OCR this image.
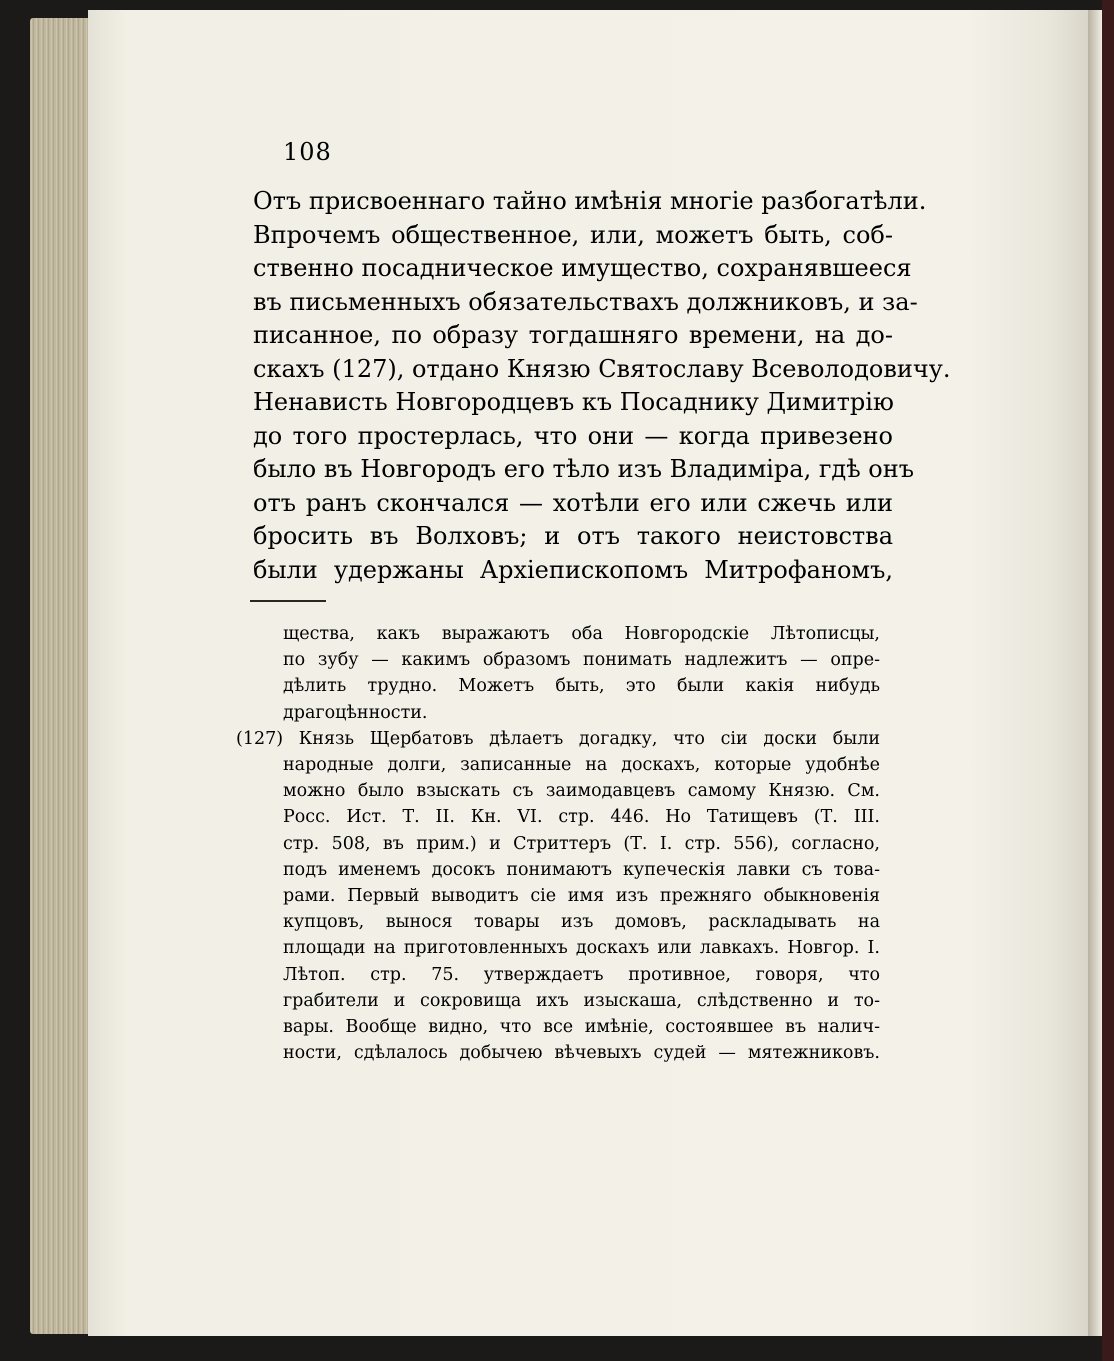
108
Отъ присвоеннаго тайно имѣнія многіе разбогатѣли.
Впрочемъ общественное, или, можетъ быть, соб-
ственно посадническое имущество, сохранявшееся
въ письменныхъ обязательствахъ должниковъ, и за-
писанное, по образу тогдашняго времени, на до-
скахъ (127), отдано Князю Святославу Всеволодовичу.
Ненависть Новгородцевъ къ Посаднику Димитрію
до того простерлась, что они — когда привезено
было въ Новгородъ его тѣло изъ Владиміра, гдѣ онъ
отъ ранъ скончался — хотѣли его или сжечь или
бросить въ Волховъ; и отъ такого неистовства
были удержаны Архіепископомъ Митрофаномъ,
щества, какъ выражаютъ оба Новгородскіе Лѣтописцы,
по зубу — какимъ образомъ понимать надлежитъ — опре-
дѣлить трудно. Можетъ быть, это были какія нибудь
драгоцѣнности.
(127) Князь Щербатовъ дѣлаетъ догадку, что сіи доски были
народные долги, записанные на доскахъ, которые удобнѣе
можно было взыскать съ заимодавцевъ самому Князю. См.
Росс. Ист. Т. II. Кн. VI. стр. 446. Но Татищевъ (Т. III.
стр. 508, въ прим.) и Стриттеръ (Т. I. стр. 556), согласно,
подъ именемъ досокъ понимаютъ купеческія лавки съ това-
рами. Первый выводитъ сіе имя изъ прежняго обыкновенія
купцовъ, вынося товары изъ домовъ, раскладывать на
площади на приготовленныхъ доскахъ или лавкахъ. Новгор. I.
Лѣтоп. стр. 75. утверждаетъ противное, говоря, что
грабители и сокровища ихъ изыскаша, слѣдственно и то-
вары. Вообще видно, что все имѣніе, состоявшее въ налич-
ности, сдѣлалось добычею вѣчевыхъ судей — мятежниковъ.
